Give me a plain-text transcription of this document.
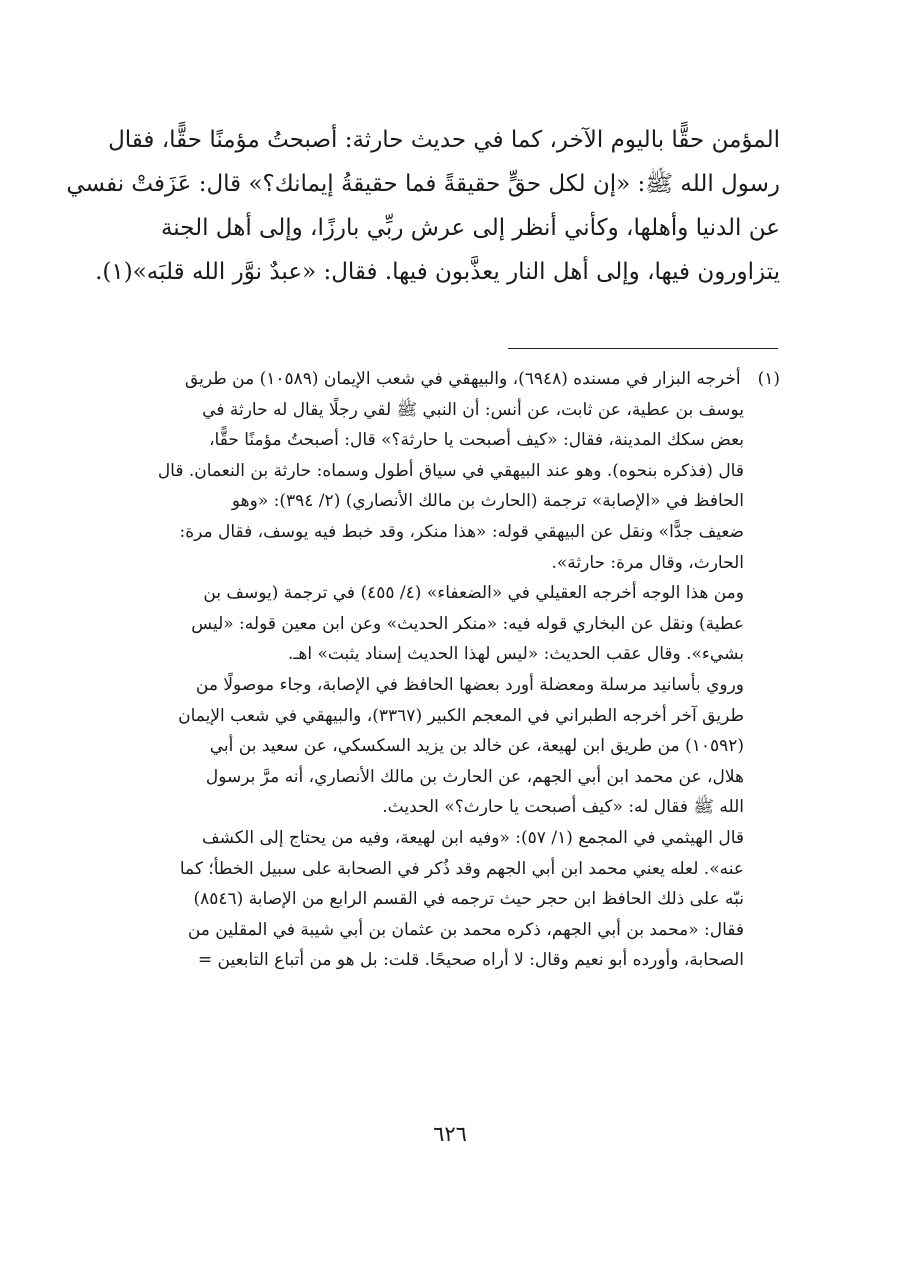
المؤمن حقًّا باليوم الآخر، كما في حديث حارثة: أصبحتُ مؤمنًا حقًّا، فقال
رسول الله ﷺ: «إن لكل حقٍّ حقيقةً فما حقيقةُ إيمانك؟» قال: عَزَفتْ نفسي
عن الدنيا وأهلها، وكأني أنظر إلى عرش ربِّي بارزًا، وإلى أهل الجنة
يتزاورون فيها، وإلى أهل النار يعذَّبون فيها. فقال: «عبدٌ نوَّر الله قلبَه»(١).
(١) أخرجه البزار في مسنده (٦٩٤٨)، والبيهقي في شعب الإيمان (١٠٥٨٩) من طريق
يوسف بن عطية، عن ثابت، عن أنس: أن النبي ﷺ لقي رجلًا يقال له حارثة في
بعض سكك المدينة، فقال: «كيف أصبحت يا حارثة؟» قال: أصبحتُ مؤمنًا حقًّا،
قال (فذكره بنحوه). وهو عند البيهقي في سياق أطول وسماه: حارثة بن النعمان. قال
الحافظ في «الإصابة» ترجمة (الحارث بن مالك الأنصاري) (٢/ ٣٩٤): «وهو
ضعيف جدًّا» ونقل عن البيهقي قوله: «هذا منكر، وقد خبط فيه يوسف، فقال مرة:
الحارث، وقال مرة: حارثة».
ومن هذا الوجه أخرجه العقيلي في «الضعفاء» (٤/ ٤٥٥) في ترجمة (يوسف بن
عطية) ونقل عن البخاري قوله فيه: «منكر الحديث» وعن ابن معين قوله: «ليس
بشيء». وقال عقب الحديث: «ليس لهذا الحديث إسناد يثبت» اهـ.
وروي بأسانيد مرسلة ومعضلة أورد بعضها الحافظ في الإصابة، وجاء موصولًا من
طريق آخر أخرجه الطبراني في المعجم الكبير (٣٣٦٧)، والبيهقي في شعب الإيمان
(١٠٥٩٢) من طريق ابن لهيعة، عن خالد بن يزيد السكسكي، عن سعيد بن أبي
هلال، عن محمد ابن أبي الجهم، عن الحارث بن مالك الأنصاري، أنه مرَّ برسول
الله ﷺ فقال له: «كيف أصبحت يا حارث؟» الحديث.
قال الهيثمي في المجمع (١/ ٥٧): «وفيه ابن لهيعة، وفيه من يحتاج إلى الكشف
عنه». لعله يعني محمد ابن أبي الجهم وقد ذُكر في الصحابة على سبيل الخطأ؛ كما
نبّه على ذلك الحافظ ابن حجر حيث ترجمه في القسم الرابع من الإصابة (٨٥٤٦)
فقال: «محمد بن أبي الجهم، ذكره محمد بن عثمان بن أبي شيبة في المقلين من
الصحابة، وأورده أبو نعيم وقال: لا أراه صحيحًا. قلت: بل هو من أتباع التابعين =
٦٢٦
